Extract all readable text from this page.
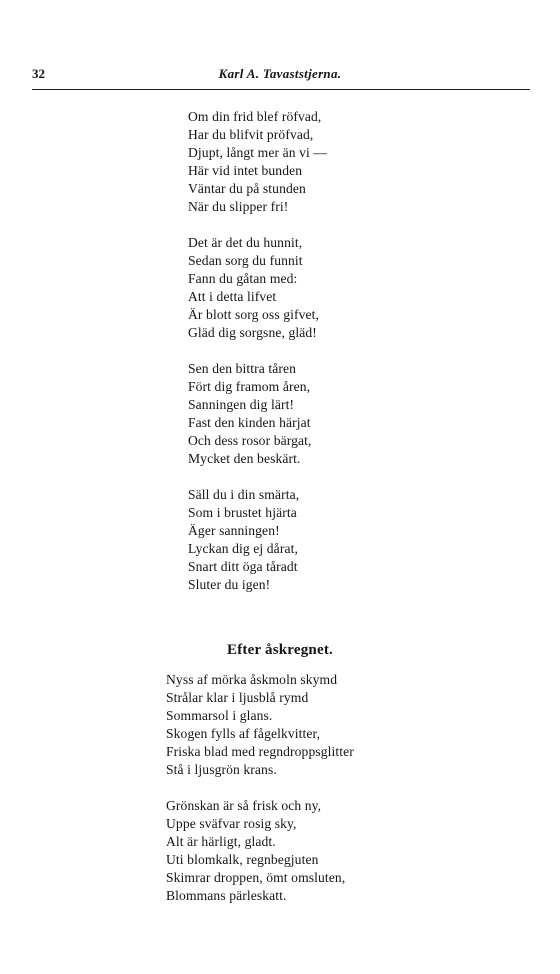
32	Karl A. Tavaststjerna.
Om din frid blef röfvad,
Har du blifvit pröfvad,
Djupt, långt mer än vi —
Här vid intet bunden
Väntar du på stunden
När du slipper fri!
Det är det du hunnit,
Sedan sorg du funnit
Fann du gåtan med:
Att i detta lifvet
Är blott sorg oss gifvet,
Gläd dig sorgsne, gläd!
Sen den bittra tåren
Fört dig framom åren,
Sanningen dig lärt!
Fast den kinden härjat
Och dess rosor bärgat,
Mycket den beskärt.
Säll du i din smärta,
Som i brustet hjärta
Äger sanningen!
Lyckan dig ej dårat,
Snart ditt öga tåradt
Sluter du igen!
Efter åskregnet.
Nyss af mörka åskmoln skymd
Strålar klar i ljusblå rymd
Sommarsol i glans.
Skogen fylls af fågelkvitter,
Friska blad med regndroppsglitter
Stå i ljusgrön krans.
Grönskan är så frisk och ny,
Uppe sväfvar rosig sky,
Alt är härligt, gladt.
Uti blomkalk, regnbegjuten
Skimrar droppen, ömt omsluten,
Blommans pärleskatt.
